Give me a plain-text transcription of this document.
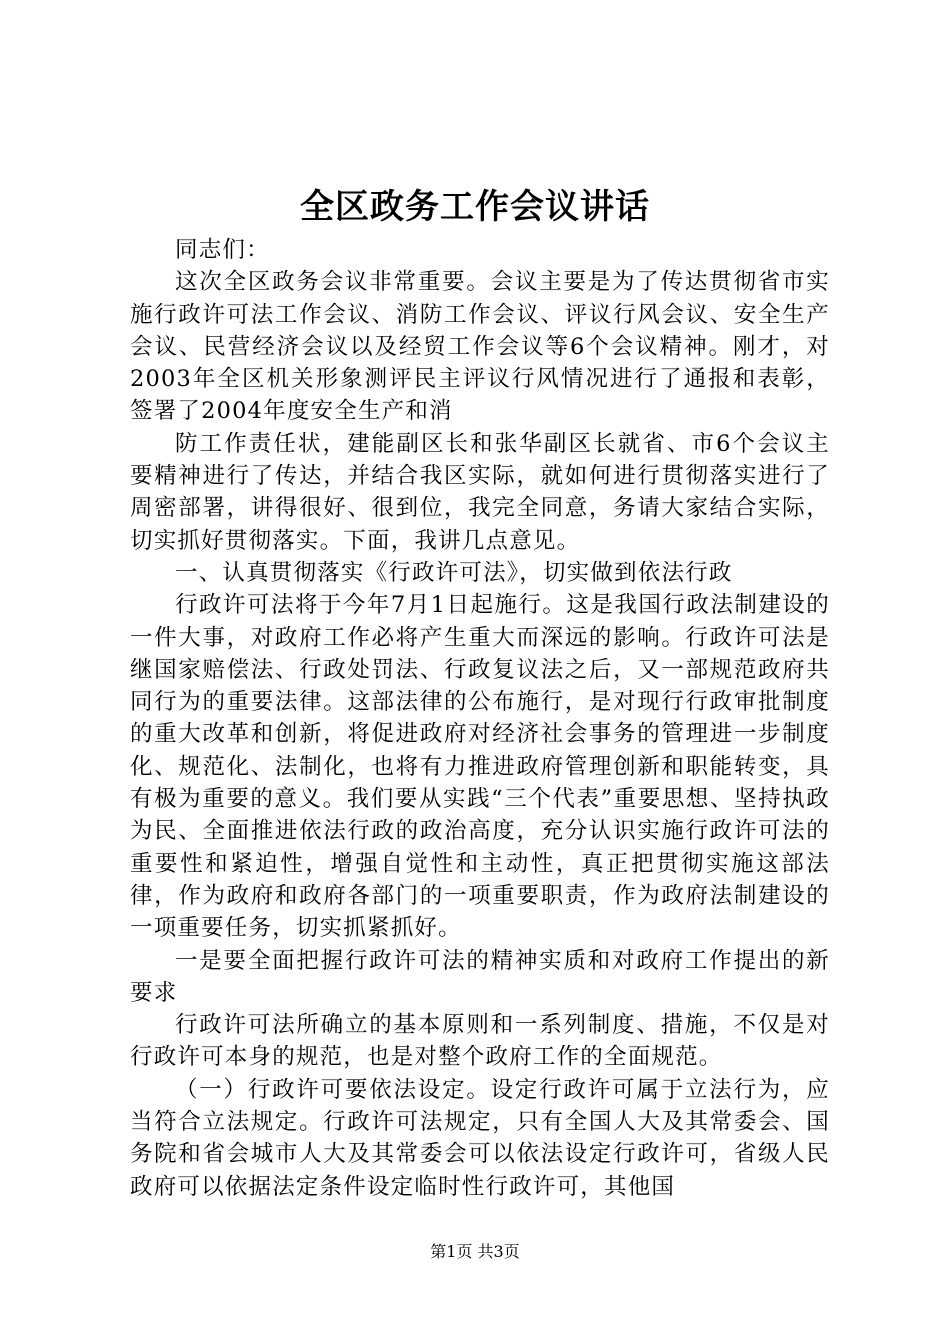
全区政务工作会议讲话

同志们：

这次全区政务会议非常重要。会议主要是为了传达贯彻省市实施行政许可法工作会议、消防工作会议、评议行风会议、安全生产会议、民营经济会议以及经贸工作会议等6个会议精神。刚才，对2003年全区机关形象测评民主评议行风情况进行了通报和表彰，签署了2004年度安全生产和消

防工作责任状，建能副区长和张华副区长就省、市6个会议主要精神进行了传达，并结合我区实际，就如何进行贯彻落实进行了周密部署，讲得很好、很到位，我完全同意，务请大家结合实际，切实抓好贯彻落实。下面，我讲几点意见。

一、认真贯彻落实《行政许可法》，切实做到依法行政

行政许可法将于今年7月1日起施行。这是我国行政法制建设的一件大事，对政府工作必将产生重大而深远的影响。行政许可法是继国家赔偿法、行政处罚法、行政复议法之后，又一部规范政府共同行为的重要法律。这部法律的公布施行，是对现行行政审批制度的重大改革和创新，将促进政府对经济社会事务的管理进一步制度化、规范化、法制化，也将有力推进政府管理创新和职能转变，具有极为重要的意义。我们要从实践“三个代表”重要思想、坚持执政为民、全面推进依法行政的政治高度，充分认识实施行政许可法的重要性和紧迫性，增强自觉性和主动性，真正把贯彻实施这部法律，作为政府和政府各部门的一项重要职责，作为政府法制建设的一项重要任务，切实抓紧抓好。

一是要全面把握行政许可法的精神实质和对政府工作提出的新要求

行政许可法所确立的基本原则和一系列制度、措施，不仅是对行政许可本身的规范，也是对整个政府工作的全面规范。

（一）行政许可要依法设定。设定行政许可属于立法行为，应当符合立法规定。行政许可法规定，只有全国人大及其常委会、国务院和省会城市人大及其常委会可以依法设定行政许可，省级人民政府可以依据法定条件设定临时性行政许可，其他国

第1页 共3页
